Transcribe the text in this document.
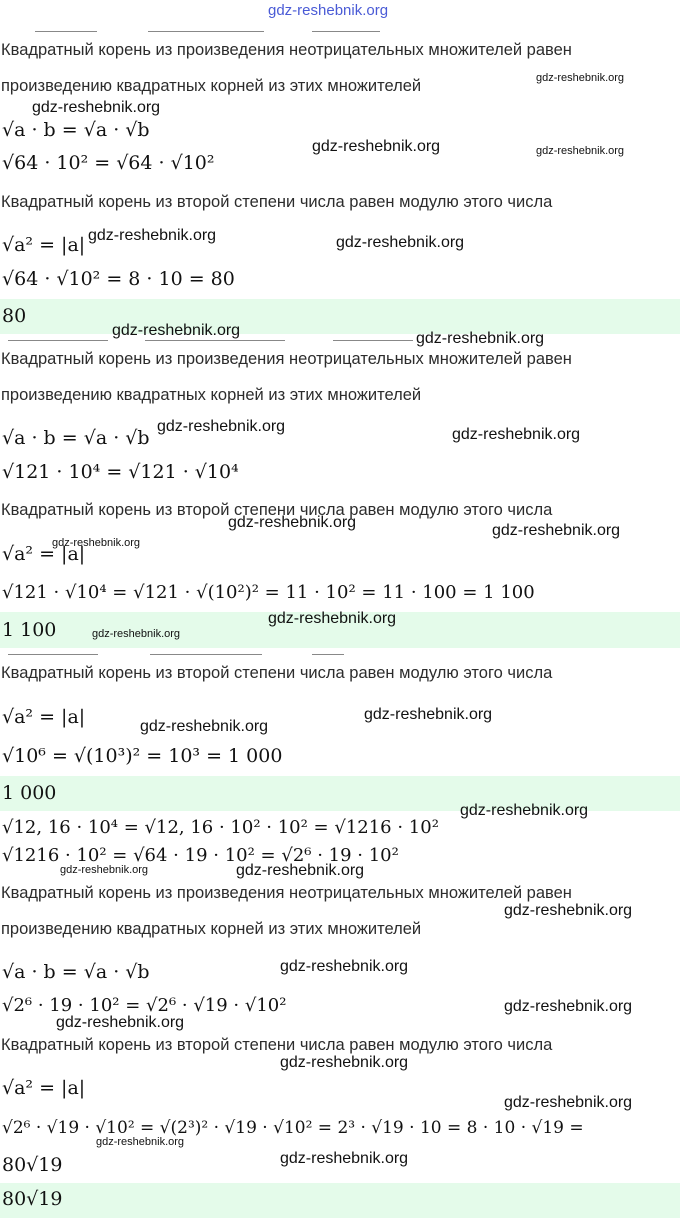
gdz-reshebnik.org
Квадратный корень из произведения неотрицательных множителей равен
произведению квадратных корней из этих множителей	gdz-reshebnik.org
gdz-reshebnik.org
√a · b = √a · √b
√64 · 10² = √64 · √10²
gdz-reshebnik.org	gdz-reshebnik.org
Квадратный корень из второй степени числа равен модулю этого числа
√a² = |a| gdz-reshebnik.org	gdz-reshebnik.org
√64 · √10² = 8 · 10 = 80
80
gdz-reshebnik.org	gdz-reshebnik.org
Квадратный корень из произведения неотрицательных множителей равен
произведению квадратных корней из этих множителей
√a · b = √a · √b
gdz-reshebnik.org	gdz-reshebnik.org
√121 · 10⁴ = √121 · √10⁴
Квадратный корень из второй степени числа равен модулю этого числа
gdz-reshebnik.org	gdz-reshebnik.org
√a² = |a|
gdz-reshebnik.org
√121 · √10⁴ = √121 · √(10²)² = 11 · 10² = 11 · 100 = 1 100
1 100	gdz-reshebnik.org
gdz-reshebnik.org
Квадратный корень из второй степени числа равен модулю этого числа
√a² = |a|	gdz-reshebnik.org
gdz-reshebnik.org
√10⁶ = √(10³)² = 10³ = 1 000
1 000
√12, 16 · 10⁴ = √12, 16 · 10² · 10² = √1216 · 10²
gdz-reshebnik.org
√1216 · 10² = √64 · 19 · 10² = √2⁶ · 19 · 10²
gdz-reshebnik.org	gdz-reshebnik.org
Квадратный корень из произведения неотрицательных множителей равен
gdz-reshebnik.org
произведению квадратных корней из этих множителей
√a · b = √a · √b	gdz-reshebnik.org
√2⁶ · 19 · 10² = √2⁶ · √19 · √10²	gdz-reshebnik.org
gdz-reshebnik.org
Квадратный корень из второй степени числа равен модулю этого числа
gdz-reshebnik.org
√a² = |a|
gdz-reshebnik.org
√2⁶ · √19 · √10² = √(2³)² · √19 · √10² = 2³ · √19 · 10 = 8 · 10 · √19 =
gdz-reshebnik.org
80√19	gdz-reshebnik.org
80√19
